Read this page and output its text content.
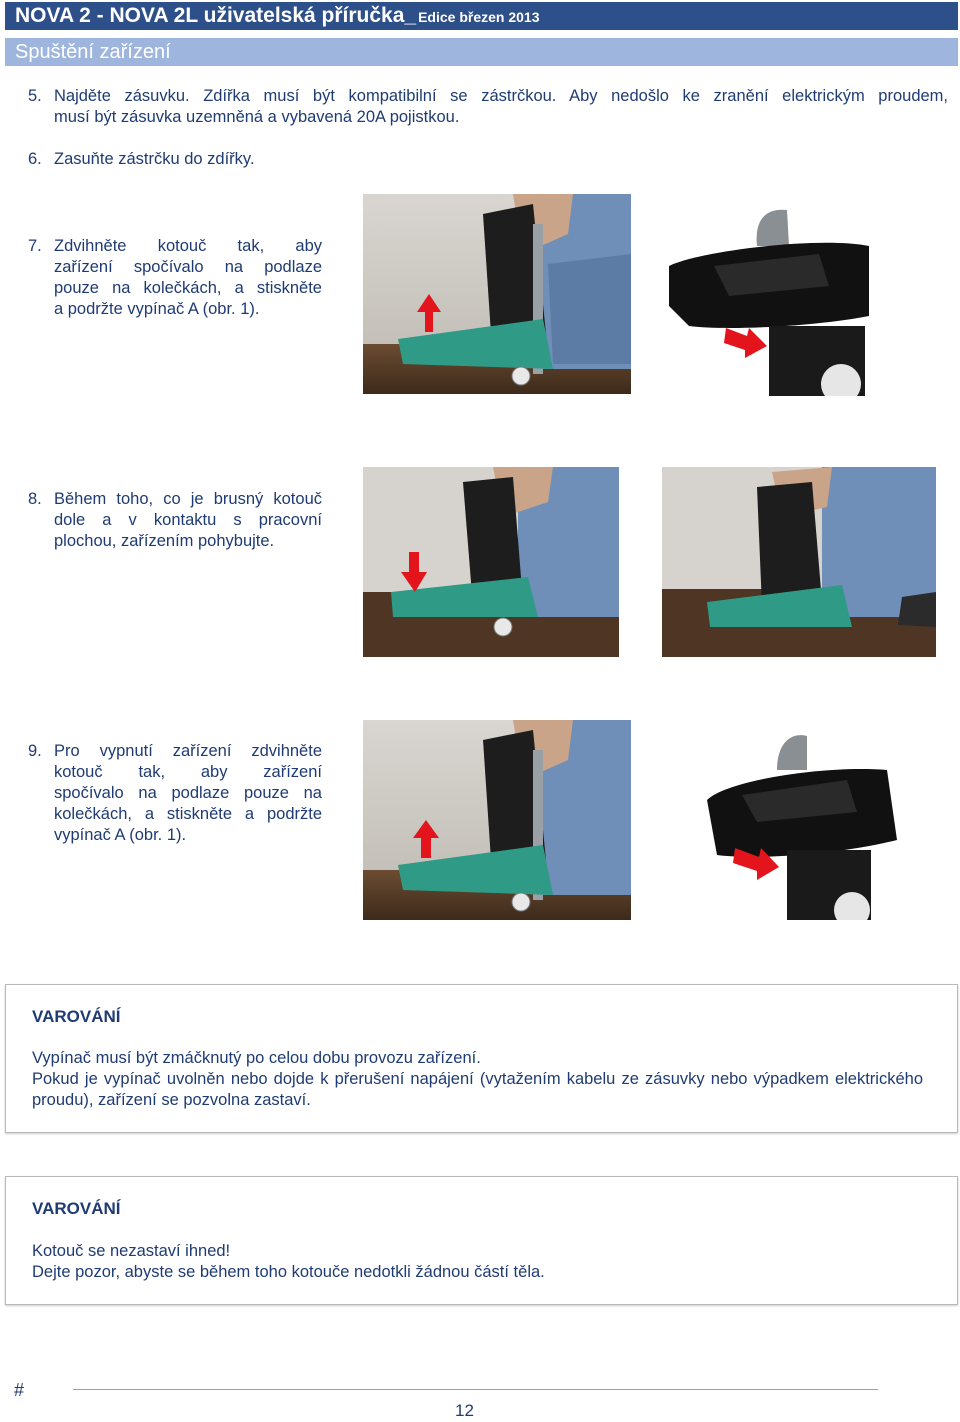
NOVA 2 - NOVA 2L uživatelská příručka_ Edice březen 2013
Spuštění zařízení
5. Najděte zásuvku. Zdířka musí být kompatibilní se zástrčkou. Aby nedošlo ke zranění elektrickým proudem,
musí být zásuvka uzemněná a vybavená 20A pojistkou.
6. Zasuňte zástrčku do zdířky.
7. Zdvihněte kotouč tak, aby
zařízení spočívalo na podlaze
pouze na kolečkách, a stiskněte
a podržte vypínač A (obr. 1).
8. Během toho, co je brusný kotouč
dole a v kontaktu s pracovní
plochou, zařízením pohybujte.
9. Pro vypnutí zařízení zdvihněte
kotouč tak, aby zařízení
spočívalo na podlaze pouze na
kolečkách, a stiskněte a podržte
vypínač A (obr. 1).
VAROVÁNÍ
Vypínač musí být zmáčknutý po celou dobu provozu zařízení.
Pokud je vypínač uvolněn nebo dojde k přerušení napájení (vytažením kabelu ze zásuvky nebo výpadkem elektrického proudu), zařízení se pozvolna zastaví.
VAROVÁNÍ
Kotouč se nezastaví ihned!
Dejte pozor, abyste se během toho kotouče nedotkli žádnou částí těla.
#
12
